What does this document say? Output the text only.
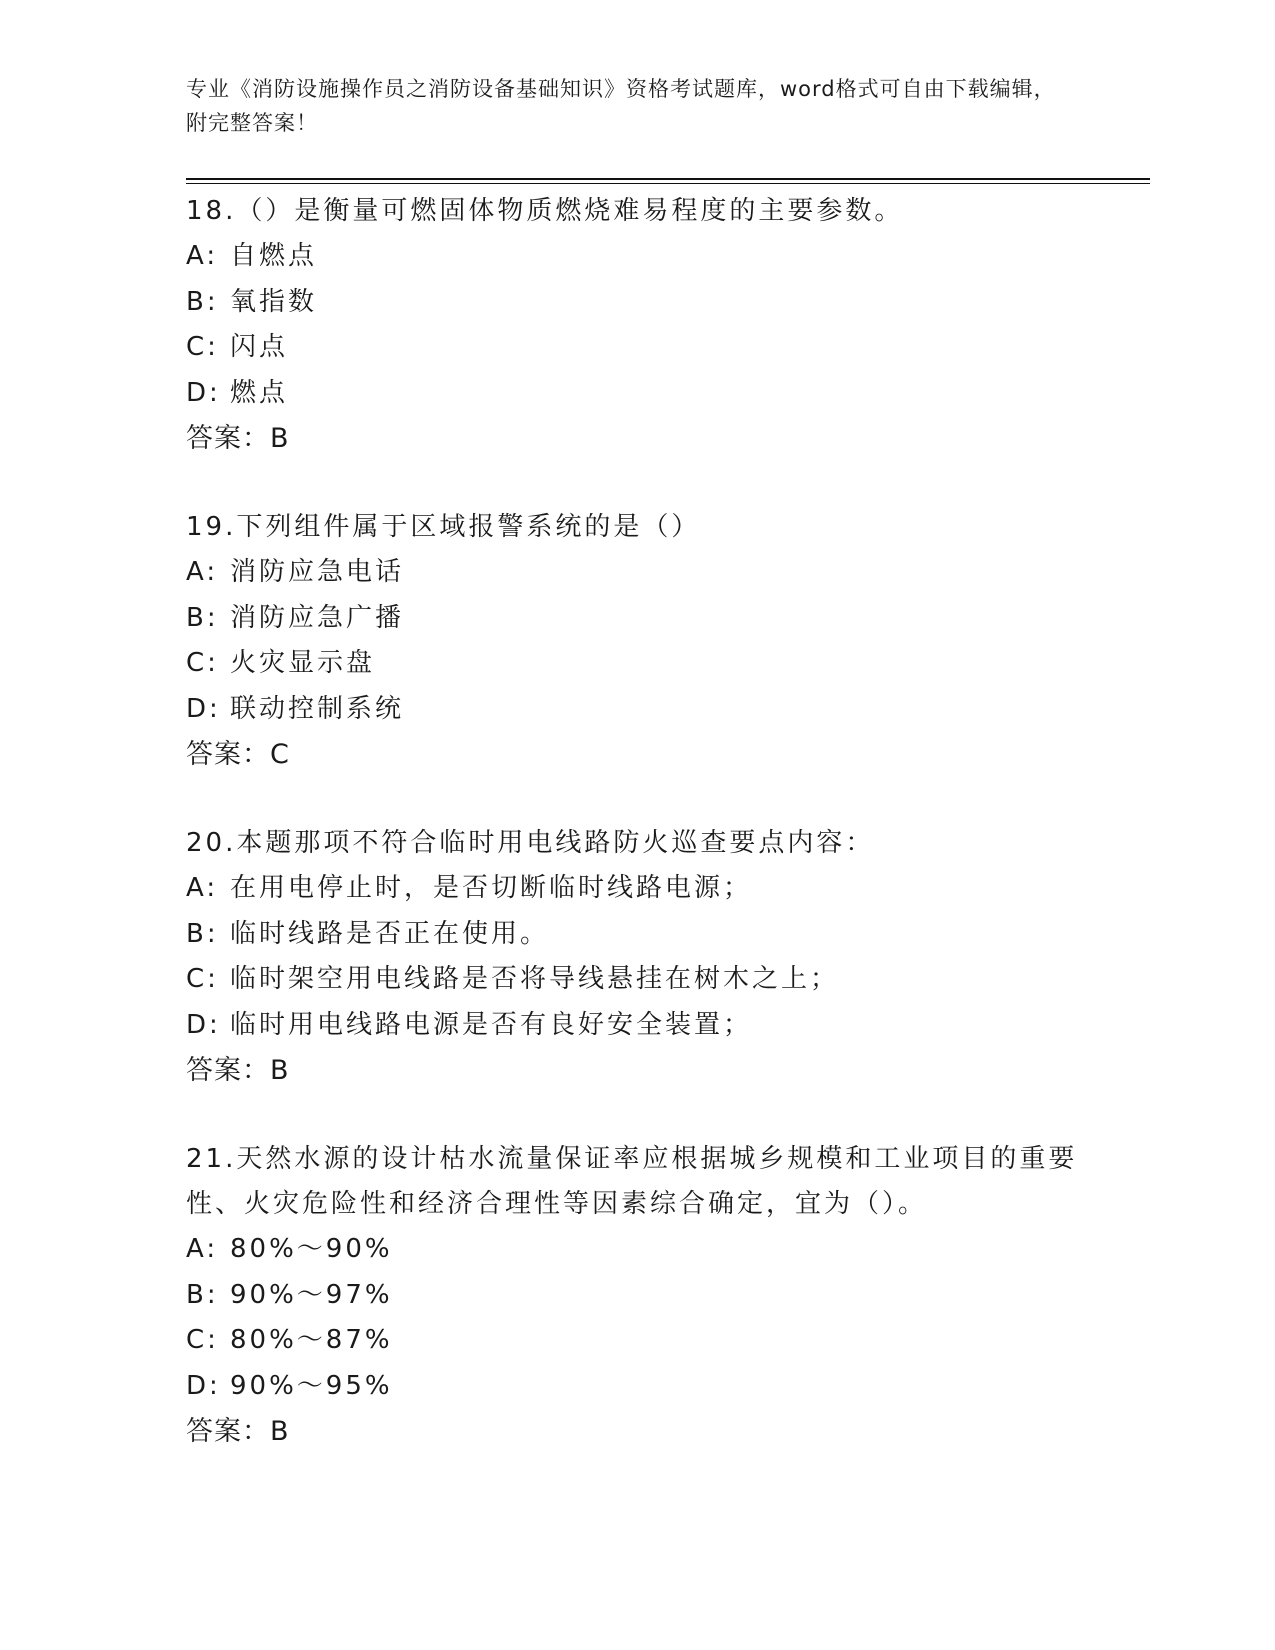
专业《消防设施操作员之消防设备基础知识》资格考试题库，word格式可自由下载编辑，附完整答案！

18.（）是衡量可燃固体物质燃烧难易程度的主要参数。

A: 自燃点

B: 氧指数

C: 闪点

D: 燃点

答案：B

19.下列组件属于区域报警系统的是（）

A: 消防应急电话

B: 消防应急广播

C: 火灾显示盘

D: 联动控制系统

答案：C

20.本题那项不符合临时用电线路防火巡查要点内容：

A: 在用电停止时，是否切断临时线路电源；

B: 临时线路是否正在使用。

C: 临时架空用电线路是否将导线悬挂在树木之上；

D: 临时用电线路电源是否有良好安全装置；

答案：B

21.天然水源的设计枯水流量保证率应根据城乡规模和工业项目的重要性、火灾危险性和经济合理性等因素综合确定，宜为（）。

A: 80%～90%

B: 90%～97%

C: 80%～87%

D: 90%～95%

答案：B
